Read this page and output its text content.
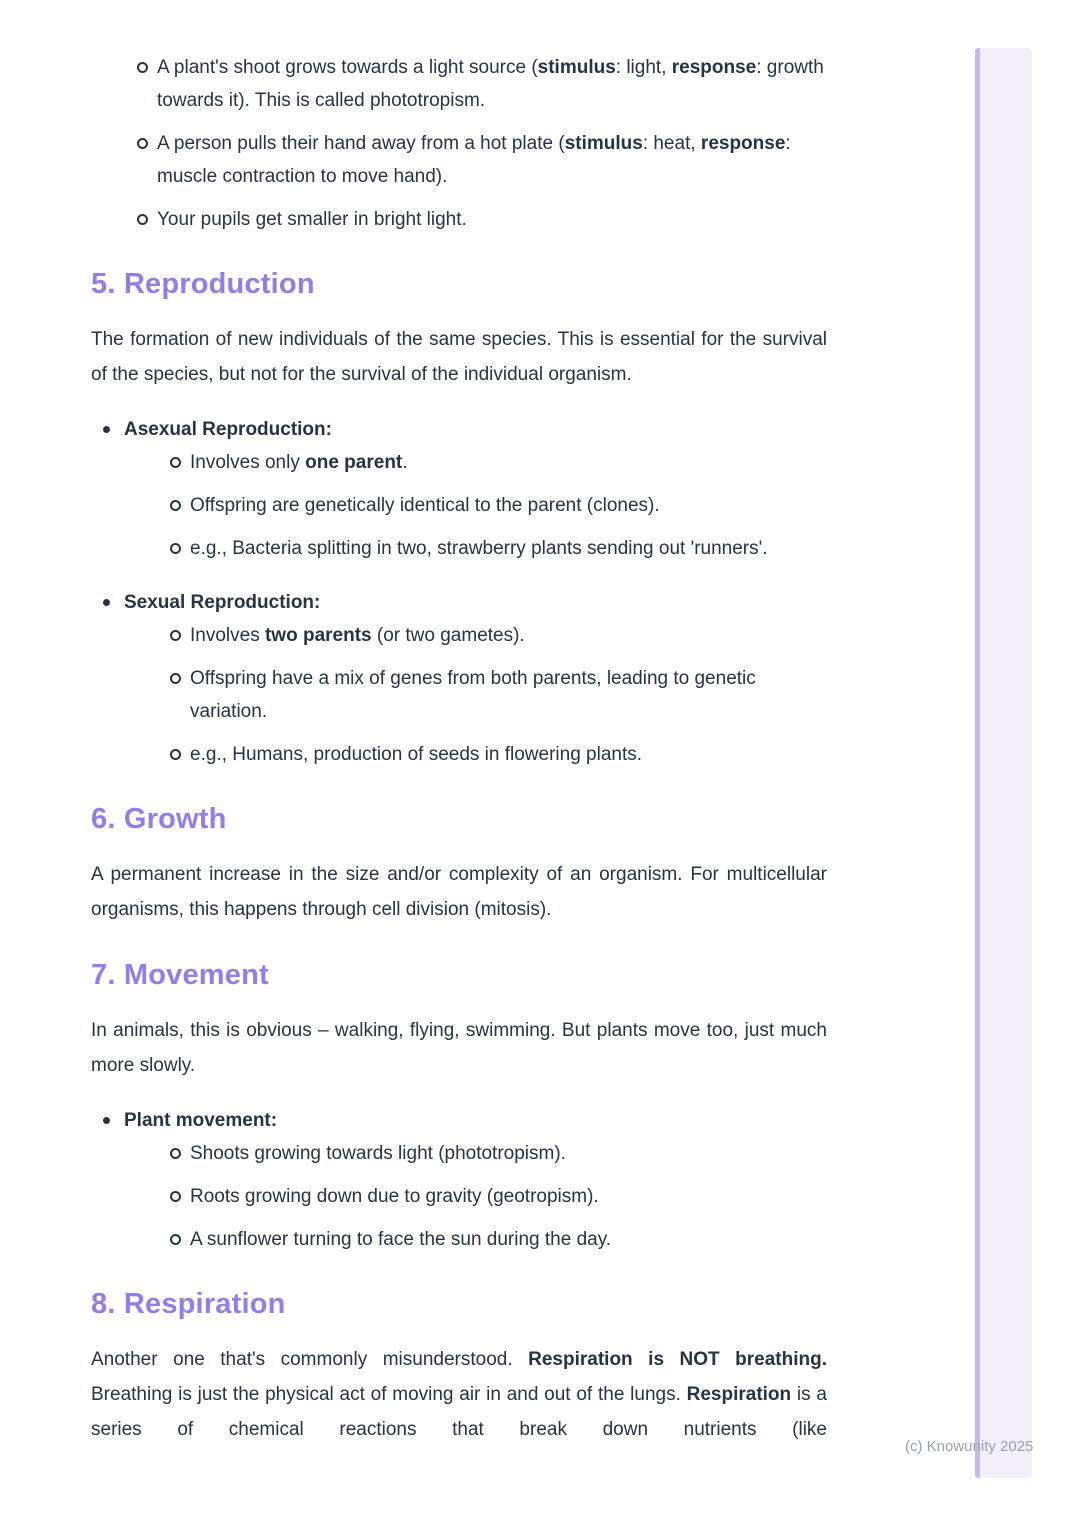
A plant's shoot grows towards a light source (stimulus: light, response: growth towards it). This is called phototropism.
A person pulls their hand away from a hot plate (stimulus: heat, response: muscle contraction to move hand).
Your pupils get smaller in bright light.
5. Reproduction
The formation of new individuals of the same species. This is essential for the survival of the species, but not for the survival of the individual organism.
Asexual Reproduction:
Involves only one parent.
Offspring are genetically identical to the parent (clones).
e.g., Bacteria splitting in two, strawberry plants sending out 'runners'.
Sexual Reproduction:
Involves two parents (or two gametes).
Offspring have a mix of genes from both parents, leading to genetic variation.
e.g., Humans, production of seeds in flowering plants.
6. Growth
A permanent increase in the size and/or complexity of an organism. For multicellular organisms, this happens through cell division (mitosis).
7. Movement
In animals, this is obvious – walking, flying, swimming. But plants move too, just much more slowly.
Plant movement:
Shoots growing towards light (phototropism).
Roots growing down due to gravity (geotropism).
A sunflower turning to face the sun during the day.
8. Respiration
Another one that's commonly misunderstood. Respiration is NOT breathing. Breathing is just the physical act of moving air in and out of the lungs. Respiration is a series of chemical reactions that break down nutrients (like
(c) Knowunity 2025
